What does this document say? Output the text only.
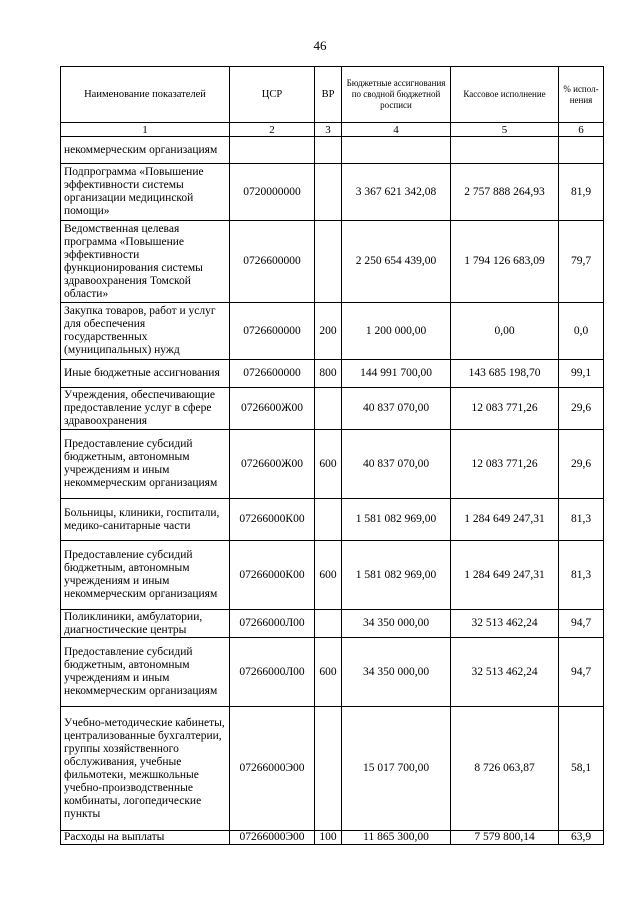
46
Наименование показателей	ЦСР	ВР	Бюджетные ассигнования по сводной бюджетной росписи	Кассовое исполнение	% испол- нения
1	2	3	4	5	6
некоммерческим организациям					
Подпрограмма «Повышение эффективности системы организации медицинской помощи»	0720000000		3 367 621 342,08	2 757 888 264,93	81,9
Ведомственная целевая программа «Повышение эффективности функционирования системы здравоохранения Томской области»	0726600000		2 250 654 439,00	1 794 126 683,09	79,7
Закупка товаров, работ и услуг для обеспечения государственных (муниципальных) нужд	0726600000	200	1 200 000,00	0,00	0,0
Иные бюджетные ассигнования	0726600000	800	144 991 700,00	143 685 198,70	99,1
Учреждения, обеспечивающие предоставление услуг в сфере здравоохранения	0726600Ж00		40 837 070,00	12 083 771,26	29,6
Предоставление субсидий бюджетным, автономным учреждениям и иным некоммерческим организациям	0726600Ж00	600	40 837 070,00	12 083 771,26	29,6
Больницы, клиники, госпитали, медико-санитарные части	07266000К00		1 581 082 969,00	1 284 649 247,31	81,3
Предоставление субсидий бюджетным, автономным учреждениям и иным некоммерческим организациям	07266000К00	600	1 581 082 969,00	1 284 649 247,31	81,3
Поликлиники, амбулатории, диагностические центры	07266000Л00		34 350 000,00	32 513 462,24	94,7
Предоставление субсидий бюджетным, автономным учреждениям и иным некоммерческим организациям	07266000Л00	600	34 350 000,00	32 513 462,24	94,7
Учебно-методические кабинеты, централизованные бухгалтерии, группы хозяйственного обслуживания, учебные фильмотеки, межшкольные учебно-производственные комбинаты, логопедические пункты	07266000Э00		15 017 700,00	8 726 063,87	58,1
Расходы на выплаты	07266000Э00	100	11 865 300,00	7 579 800,14	63,9
